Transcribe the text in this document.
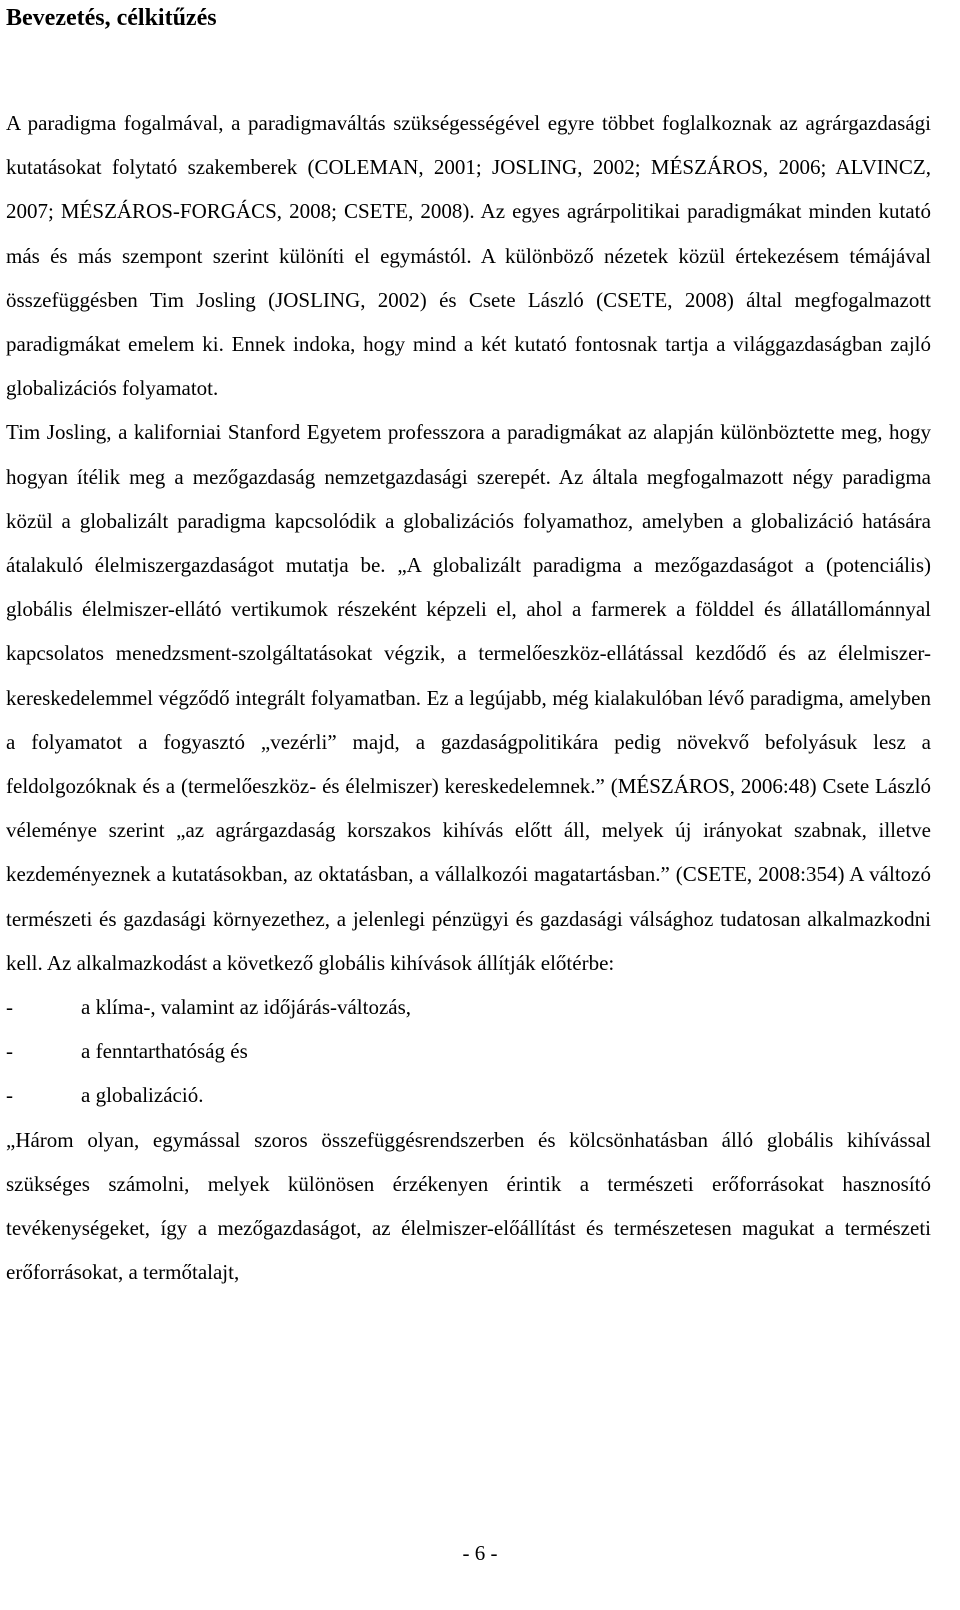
Bevezetés, célkitűzés

A paradigma fogalmával, a paradigmaváltás szükségességével egyre többet foglalkoznak az agrárgazdasági kutatásokat folytató szakemberek (COLEMAN, 2001; JOSLING, 2002; MÉSZÁROS, 2006; ALVINCZ, 2007; MÉSZÁROS-FORGÁCS, 2008; CSETE, 2008). Az egyes agrárpolitikai paradigmákat minden kutató más és más szempont szerint különíti el egymástól. A különböző nézetek közül értekezésem témájával összefüggésben Tim Josling (JOSLING, 2002) és Csete László (CSETE, 2008) által megfogalmazott paradigmákat emelem ki. Ennek indoka, hogy mind a két kutató fontosnak tartja a világgazdaságban zajló globalizációs folyamatot.

Tim Josling, a kaliforniai Stanford Egyetem professzora a paradigmákat az alapján különböztette meg, hogy hogyan ítélik meg a mezőgazdaság nemzetgazdasági szerepét. Az általa megfogalmazott négy paradigma közül a globalizált paradigma kapcsolódik a globalizációs folyamathoz, amelyben a globalizáció hatására átalakuló élelmiszergazdaságot mutatja be. „A globalizált paradigma a mezőgazdaságot a (potenciális) globális élelmiszer-ellátó vertikumok részeként képzeli el, ahol a farmerek a földdel és állatállománnyal kapcsolatos menedzsment-szolgáltatásokat végzik, a termelőeszköz-ellátással kezdődő és az élelmiszer-kereskedelemmel végződő integrált folyamatban. Ez a legújabb, még kialakulóban lévő paradigma, amelyben a folyamatot a fogyasztó „vezérli” majd, a gazdaságpolitikára pedig növekvő befolyásuk lesz a feldolgozóknak és a (termelőeszköz- és élelmiszer) kereskedelemnek.” (MÉSZÁROS, 2006:48) Csete László véleménye szerint „az agrárgazdaság korszakos kihívás előtt áll, melyek új irányokat szabnak, illetve kezdeményeznek a kutatásokban, az oktatásban, a vállalkozói magatartásban.” (CSETE, 2008:354) A változó természeti és gazdasági környezethez, a jelenlegi pénzügyi és gazdasági válsághoz tudatosan alkalmazkodni kell. Az alkalmazkodást a következő globális kihívások állítják előtérbe:

-	a klíma-, valamint az időjárás-változás,
-	a fenntarthatóság és
-	a globalizáció.

„Három olyan, egymással szoros összefüggésrendszerben és kölcsönhatásban álló globális kihívással szükséges számolni, melyek különösen érzékenyen érintik a természeti erőforrásokat hasznosító tevékenységeket, így a mezőgazdaságot, az élelmiszer-előállítást és természetesen magukat a természeti erőforrásokat, a termőtalajt,

- 6 -
